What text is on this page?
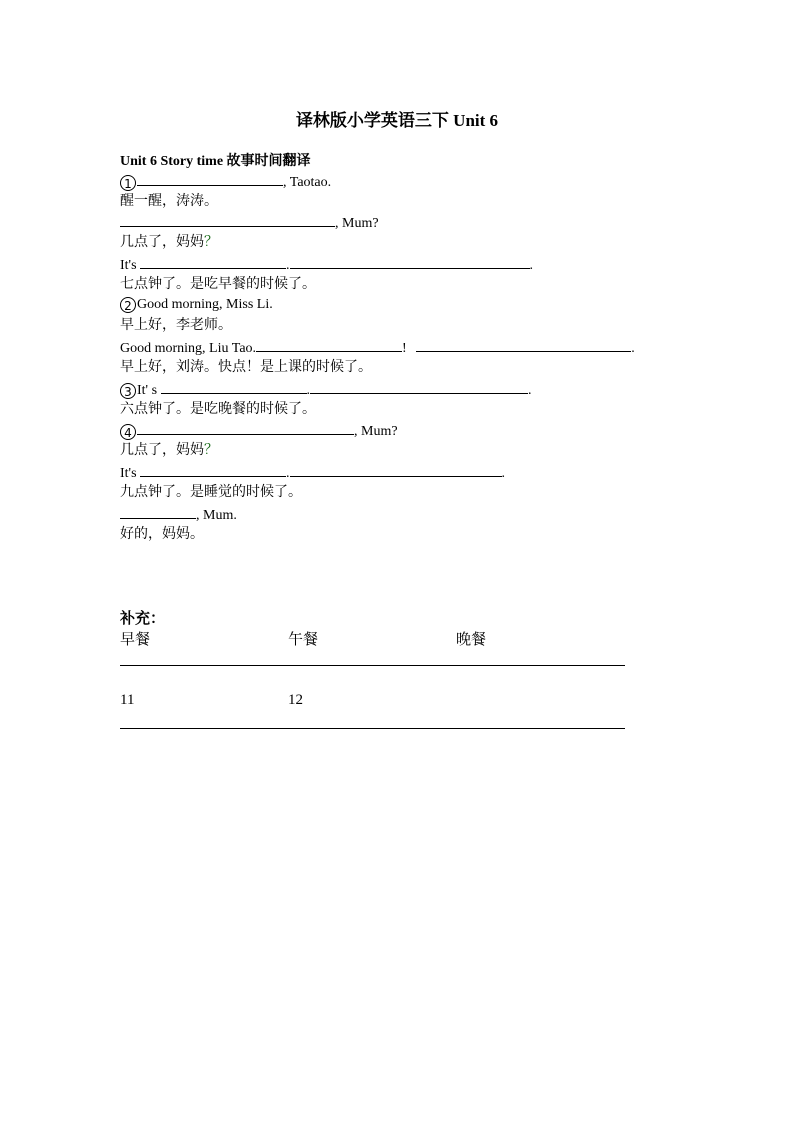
译林版小学英语三下 Unit 6
Unit 6 Story time 故事时间翻译
1	, Taotao.
醒一醒，涛涛。
, Mum?
几点了，妈妈？
It's	.	.
七点钟了。是吃早餐的时候了。
2 Good morning, Miss Li.
早上好，李老师。
Good morning, Liu Tao.	!	.
早上好，刘涛。快点！是上课的时候了。
3 It' s	.	.
六点钟了。是吃晚餐的时候了。
4	, Mum?
几点了，妈妈？
It's	.	.
九点钟了。是睡觉的时候了。
, Mum.
好的，妈妈。
补充：
早餐	午餐	晚餐
11	12
